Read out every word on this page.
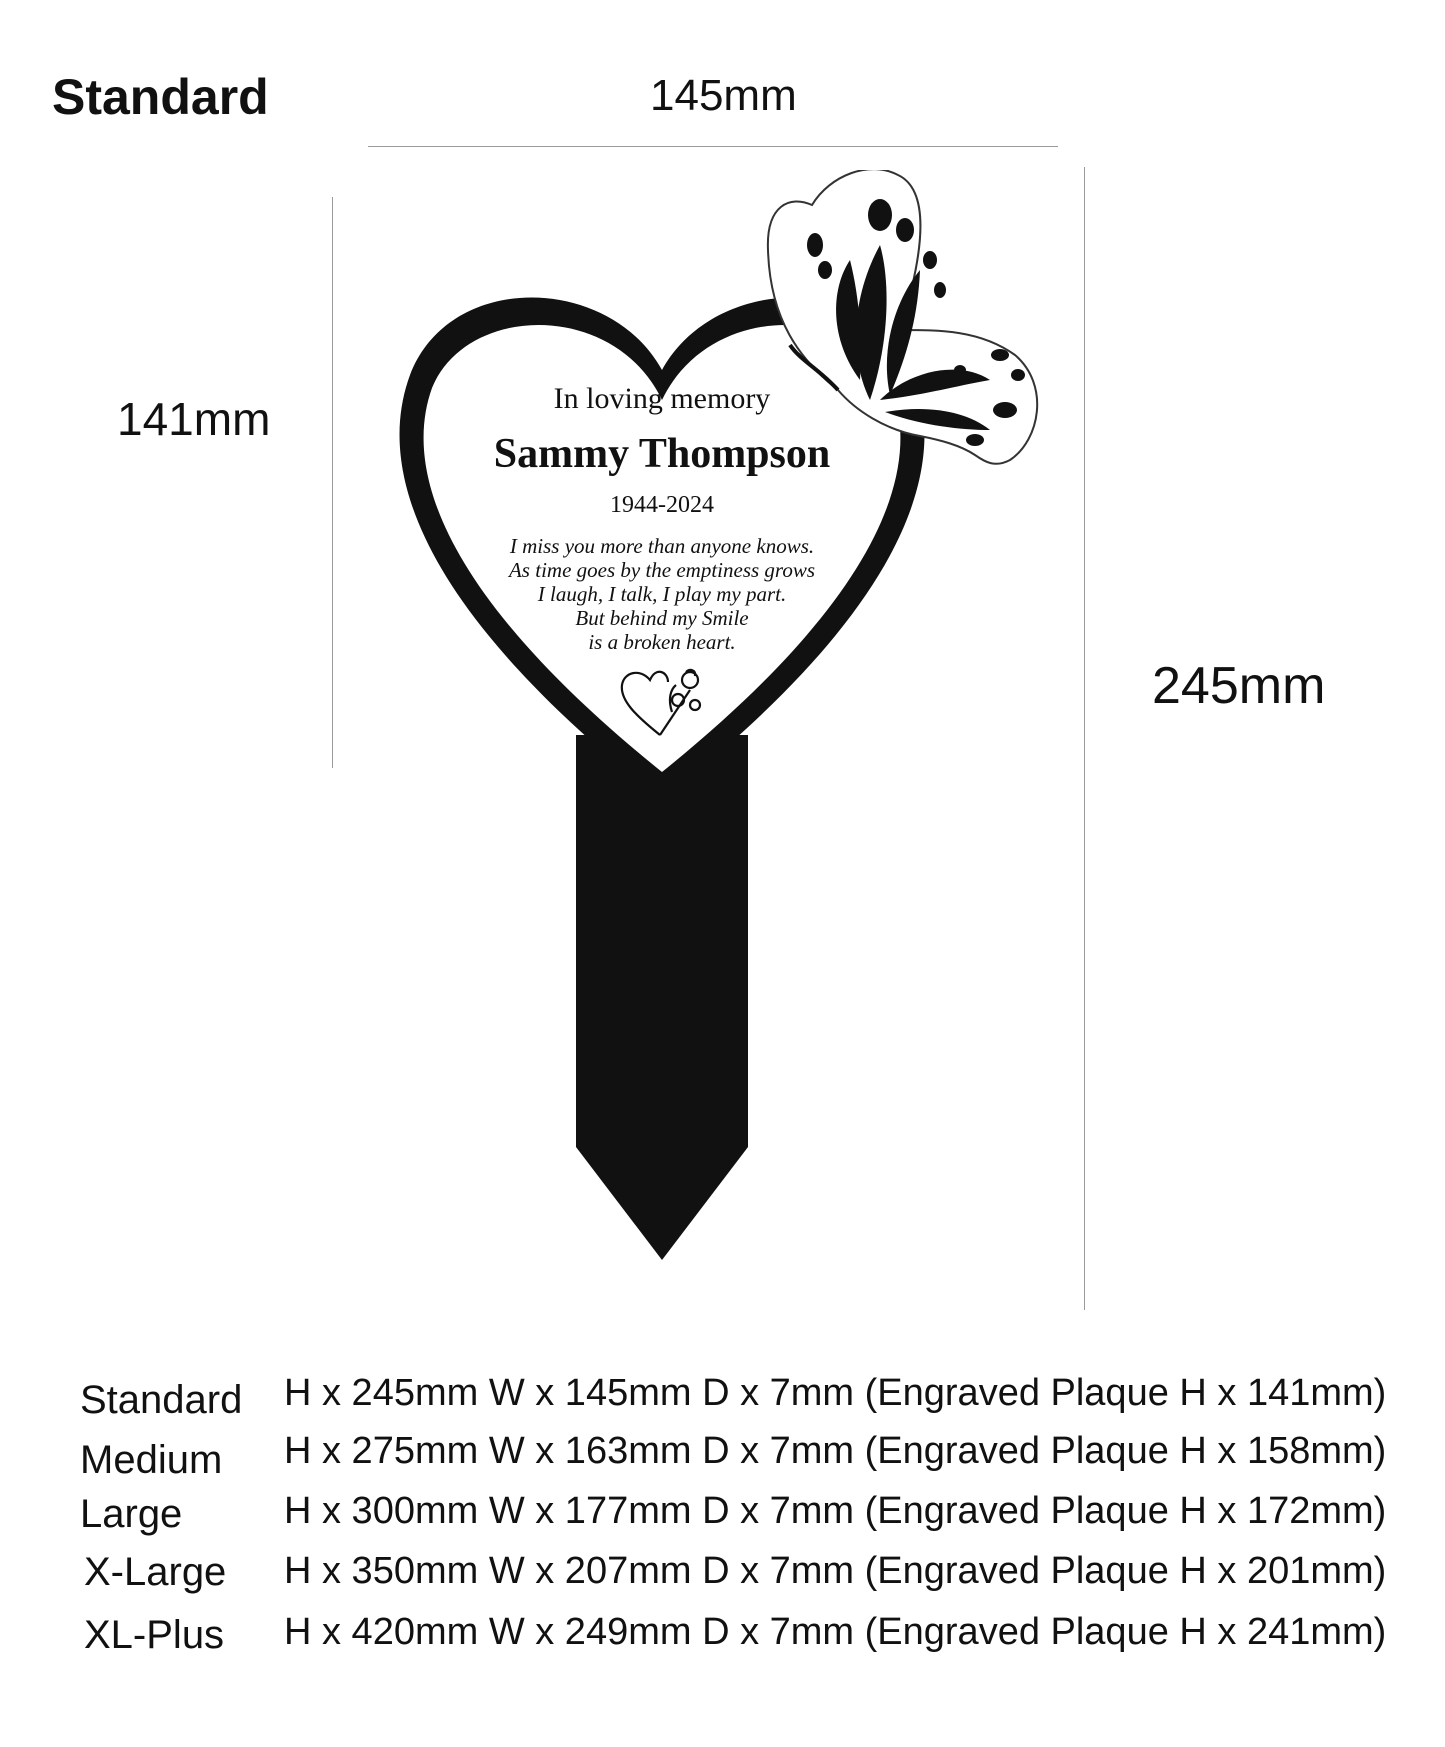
Standard	145mm
141mm
245mm
In loving memory
Sammy Thompson
1944-2024
I miss you more than anyone knows.
As time goes by the emptiness grows
I laugh, I talk, I play my part.
But behind my Smile
is a broken heart.
Standard H x 245mm W x 145mm D x 7mm (Engraved Plaque H x 141mm)
Medium H x 275mm W x 163mm D x 7mm (Engraved Plaque H x 158mm)
Large	H x 300mm W x 177mm D x 7mm (Engraved Plaque H x 172mm)
X-Large H x 350mm W x 207mm D x 7mm (Engraved Plaque H x 201mm)
XL-Plus H x 420mm W x 249mm D x 7mm (Engraved Plaque H x 241mm)
